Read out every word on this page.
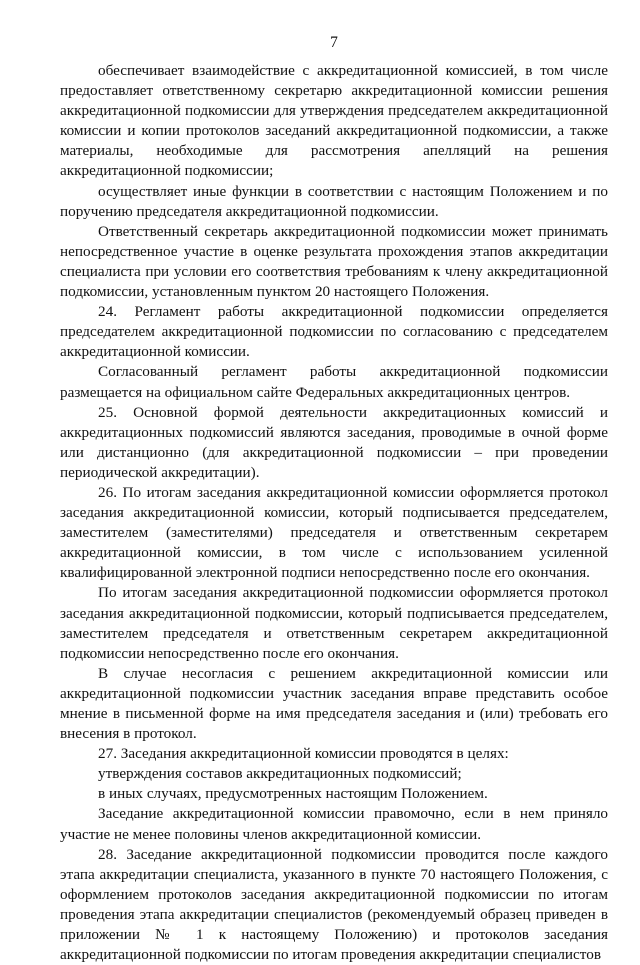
7

обеспечивает взаимодействие с аккредитационной комиссией, в том числе предоставляет ответственному секретарю аккредитационной комиссии решения аккредитационной подкомиссии для утверждения председателем аккредитационной комиссии и копии протоколов заседаний аккредитационной подкомиссии, а также материалы, необходимые для рассмотрения апелляций на решения аккредитационной подкомиссии;

осуществляет иные функции в соответствии с настоящим Положением и по поручению председателя аккредитационной подкомиссии.

Ответственный секретарь аккредитационной подкомиссии может принимать непосредственное участие в оценке результата прохождения этапов аккредитации специалиста при условии его соответствия требованиям к члену аккредитационной подкомиссии, установленным пунктом 20 настоящего Положения.

24. Регламент работы аккредитационной подкомиссии определяется председателем аккредитационной подкомиссии по согласованию с председателем аккредитационной комиссии.

Согласованный регламент работы аккредитационной подкомиссии размещается на официальном сайте Федеральных аккредитационных центров.

25. Основной формой деятельности аккредитационных комиссий и аккредитационных подкомиссий являются заседания, проводимые в очной форме или дистанционно (для аккредитационной подкомиссии – при проведении периодической аккредитации).

26. По итогам заседания аккредитационной комиссии оформляется протокол заседания аккредитационной комиссии, который подписывается председателем, заместителем (заместителями) председателя и ответственным секретарем аккредитационной комиссии, в том числе с использованием усиленной квалифицированной электронной подписи непосредственно после его окончания.

По итогам заседания аккредитационной подкомиссии оформляется протокол заседания аккредитационной подкомиссии, который подписывается председателем, заместителем председателя и ответственным секретарем аккредитационной подкомиссии непосредственно после его окончания.

В случае несогласия с решением аккредитационной комиссии или аккредитационной подкомиссии участник заседания вправе представить особое мнение в письменной форме на имя председателя заседания и (или) требовать его внесения в протокол.

27. Заседания аккредитационной комиссии проводятся в целях:

утверждения составов аккредитационных подкомиссий;

в иных случаях, предусмотренных настоящим Положением.

Заседание аккредитационной комиссии правомочно, если в нем приняло участие не менее половины членов аккредитационной комиссии.

28. Заседание аккредитационной подкомиссии проводится после каждого этапа аккредитации специалиста, указанного в пункте 70 настоящего Положения, с оформлением протоколов заседания аккредитационной подкомиссии по итогам проведения этапа аккредитации специалистов (рекомендуемый образец приведен в приложении № 1 к настоящему Положению) и протоколов заседания аккредитационной подкомиссии по итогам проведения аккредитации специалистов
